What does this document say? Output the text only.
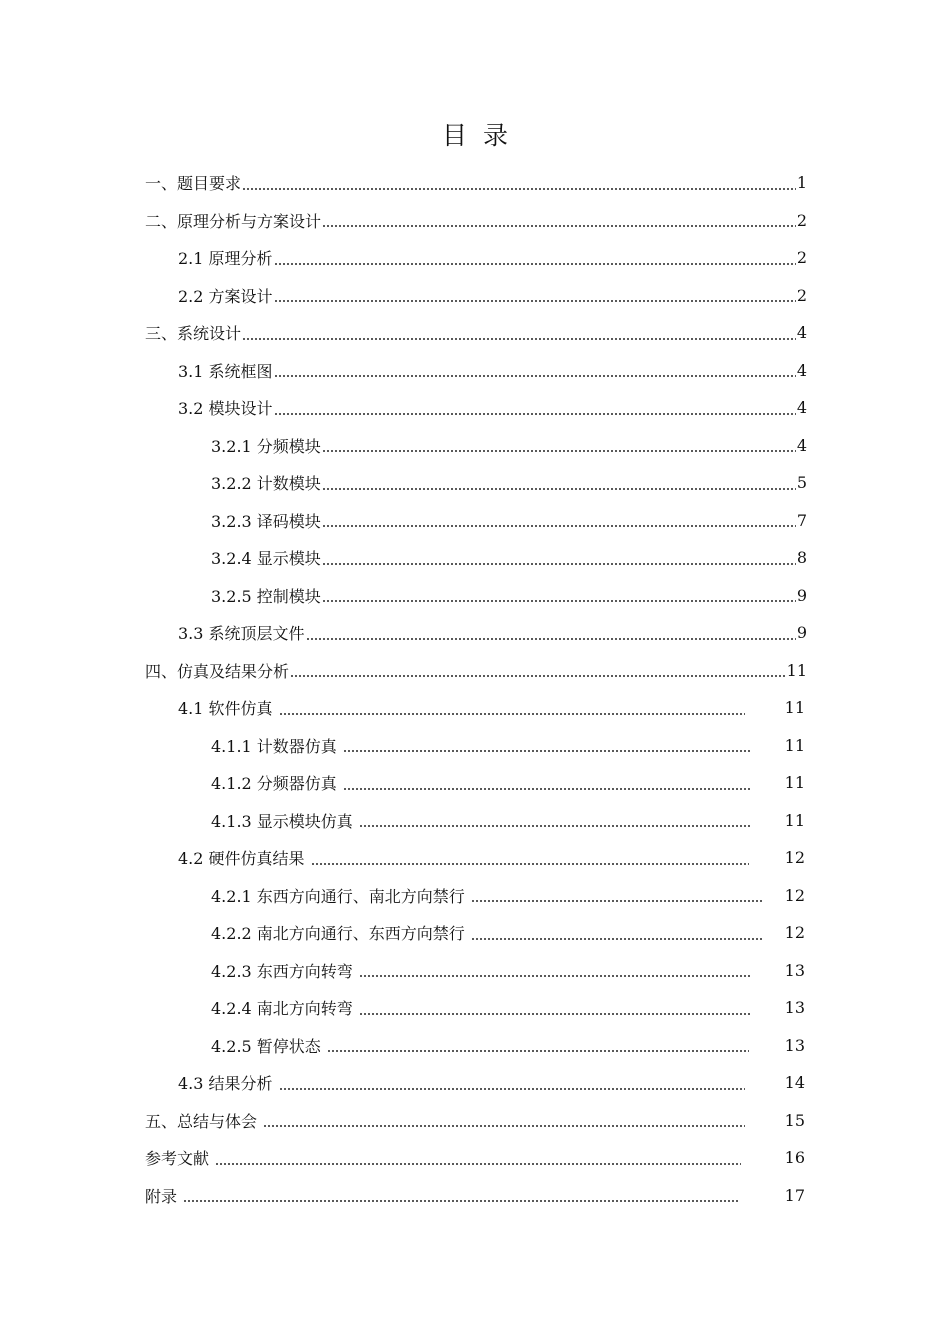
目 录
一、题目要求	1
二、原理分析与方案设计	2
2.1 原理分析	2
2.2 方案设计	2
三、系统设计	4
3.1 系统框图	4
3.2 模块设计	4
3.2.1 分频模块	4
3.2.2 计数模块	5
3.2.3 译码模块	7
3.2.4 显示模块	8
3.2.5 控制模块	9
3.3 系统顶层文件	9
四、仿真及结果分析	11
4.1 软件仿真	11
4.1.1 计数器仿真	11
4.1.2 分频器仿真	11
4.1.3 显示模块仿真	11
4.2 硬件仿真结果	12
4.2.1 东西方向通行、南北方向禁行	12
4.2.2 南北方向通行、东西方向禁行	12
4.2.3 东西方向转弯	13
4.2.4 南北方向转弯	13
4.2.5 暂停状态	13
4.3 结果分析	14
五、总结与体会	15
参考文献	16
附录	17
